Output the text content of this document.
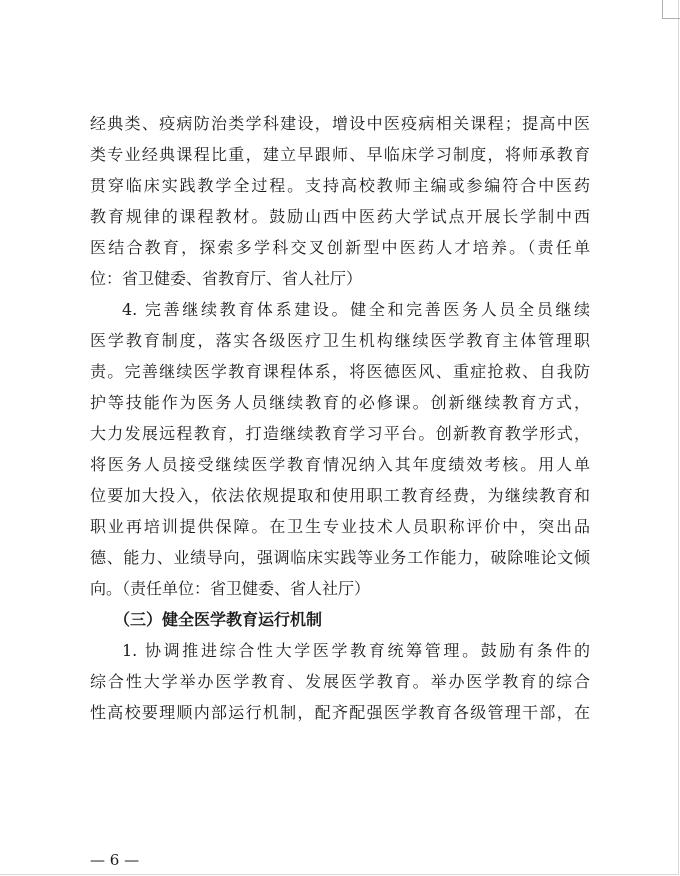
经典类、疫病防治类学科建设，增设中医疫病相关课程；提高中医
类专业经典课程比重，建立早跟师、早临床学习制度，将师承教育
贯穿临床实践教学全过程。支持高校教师主编或参编符合中医药
教育规律的课程教材。鼓励山西中医药大学试点开展长学制中西
医结合教育，探索多学科交叉创新型中医药人才培养。（责任单
位：省卫健委、省教育厅、省人社厅）
4. 完善继续教育体系建设。健全和完善医务人员全员继续
医学教育制度，落实各级医疗卫生机构继续医学教育主体管理职
责。完善继续医学教育课程体系，将医德医风、重症抢救、自我防
护等技能作为医务人员继续教育的必修课。创新继续教育方式，
大力发展远程教育，打造继续教育学习平台。创新教育教学形式，
将医务人员接受继续医学教育情况纳入其年度绩效考核。用人单
位要加大投入，依法依规提取和使用职工教育经费，为继续教育和
职业再培训提供保障。在卫生专业技术人员职称评价中，突出品
德、能力、业绩导向，强调临床实践等业务工作能力，破除唯论文倾
向。（责任单位：省卫健委、省人社厅）
（三）健全医学教育运行机制
1. 协调推进综合性大学医学教育统筹管理。鼓励有条件的
综合性大学举办医学教育、发展医学教育。举办医学教育的综合
性高校要理顺内部运行机制，配齐配强医学教育各级管理干部，在
— 6 —
